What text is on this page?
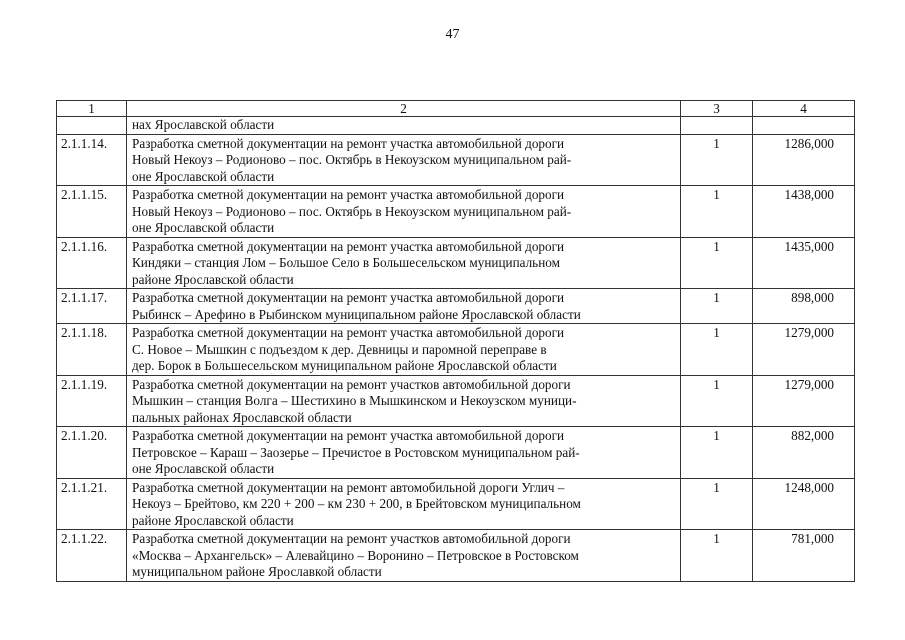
47
1	2	3	4
	нах Ярославской области		
2.1.1.14.	Разработка сметной документации на ремонт участка автомобильной дороги
Новый Некоуз – Родионово – пос. Октябрь в Некоузском муниципальном рай-
оне Ярославской области	1	1286,000
2.1.1.15.	Разработка сметной документации на ремонт участка автомобильной дороги
Новый Некоуз – Родионово – пос. Октябрь в Некоузском муниципальном рай-
оне Ярославской области	1	1438,000
2.1.1.16.	Разработка сметной документации на ремонт участка автомобильной дороги
Киндяки – станция Лом – Большое Село в Большесельском муниципальном
районе Ярославской области	1	1435,000
2.1.1.17.	Разработка сметной документации на ремонт участка автомобильной дороги
Рыбинск – Арефино в Рыбинском муниципальном районе Ярославской области	1	898,000
2.1.1.18.	Разработка сметной документации на ремонт участка автомобильной дороги
С. Новое – Мышкин с подъездом к дер. Девницы и паромной переправе в
дер. Борок в Большесельском муниципальном районе Ярославской области	1	1279,000
2.1.1.19.	Разработка сметной документации на ремонт участков автомобильной дороги
Мышкин – станция Волга – Шестихино в Мышкинском и Некоузском муници-
пальных районах Ярославской области	1	1279,000
2.1.1.20.	Разработка сметной документации на ремонт участка автомобильной дороги
Петровское – Караш – Заозерье – Пречистое в Ростовском муниципальном рай-
оне Ярославской области	1	882,000
2.1.1.21.	Разработка сметной документации на ремонт автомобильной дороги Углич –
Некоуз – Брейтово, км 220 + 200 – км 230 + 200, в Брейтовском муниципальном
районе Ярославской области	1	1248,000
2.1.1.22.	Разработка сметной документации на ремонт участков автомобильной дороги
«Москва – Архангельск» – Алевайцино – Воронино – Петровское в Ростовском
муниципальном районе Ярославкой области	1	781,000
